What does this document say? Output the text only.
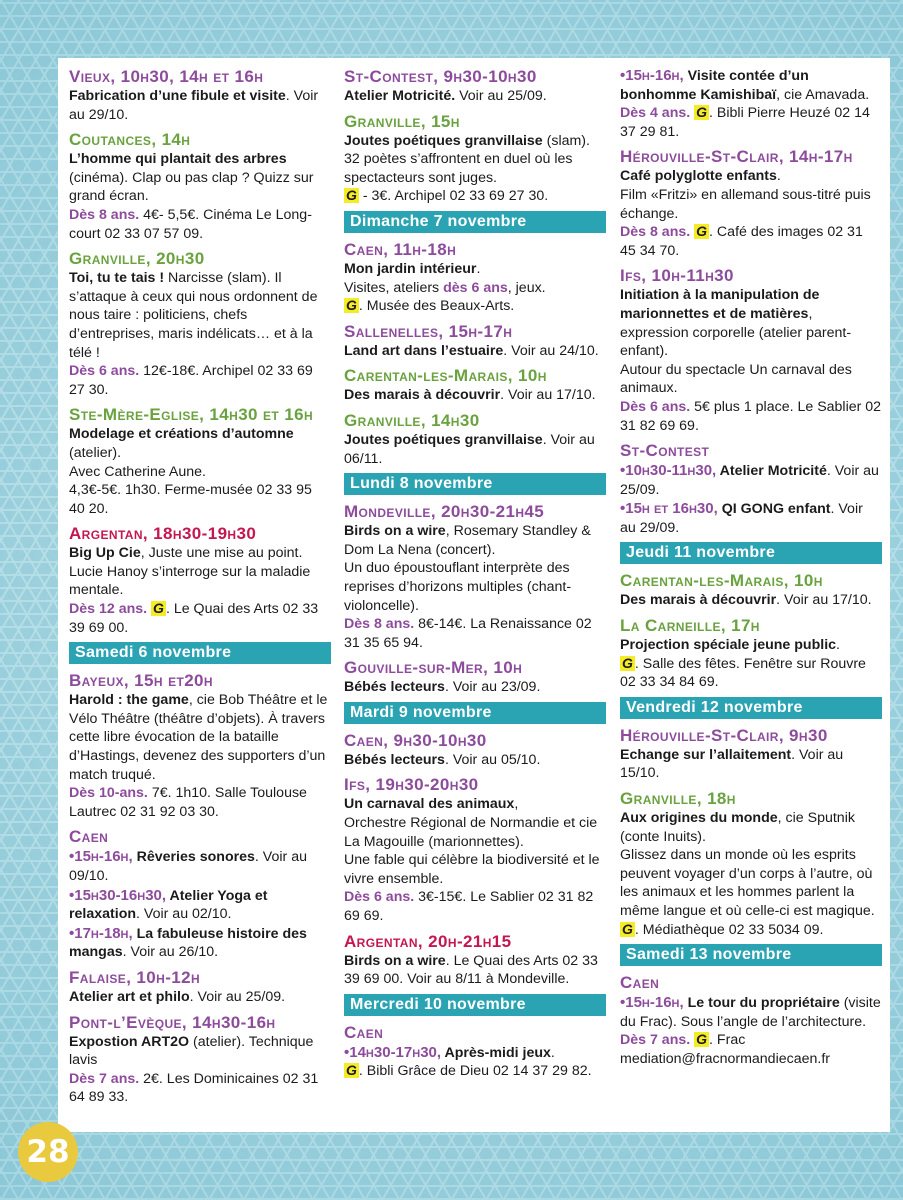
Vieux, 10h30, 14h et 16h
Fabrication d’une fibule et visite. Voir au 29/10.
Coutances, 14h
L’homme qui plantait des arbres (cinéma). Clap ou pas clap ? Quizz sur grand écran.
Dès 8 ans. 4€- 5,5€. Cinéma Le Long-court 02 33 07 57 09.
Granville, 20h30
Toi, tu te tais ! Narcisse (slam). Il s’attaque à ceux qui nous ordonnent de nous taire : politiciens, chefs d’entreprises, maris indélicats… et à la télé !
Dès 6 ans. 12€-18€. Archipel 02 33 69 27 30.
Ste-Mère-Eglise, 14h30 et 16h
Modelage et créations d’automne (atelier).
Avec Catherine Aune.
4,3€-5€. 1h30. Ferme-musée 02 33 95 40 20.
Argentan, 18h30-19h30
Big Up Cie, Juste une mise au point. Lucie Hanoy s’interroge sur la maladie mentale.
Dès 12 ans. G . Le Quai des Arts 02 33 39 69 00.
Samedi 6 novembre
Bayeux, 15h et20h
Harold : the game, cie Bob Théâtre et le Vélo Théâtre (théâtre d’objets). À travers cette libre évocation de la bataille d’Hastings, devenez des supporters d’un match truqué.
Dès 10-ans. 7€. 1h10. Salle Toulouse Lautrec 02 31 92 03 30.
Caen
•15h-16h, Rêveries sonores. Voir au 09/10.
•15h30-16h30, Atelier Yoga et relaxation. Voir au 02/10.
•17h-18h, La fabuleuse histoire des mangas. Voir au 26/10.
Falaise, 10h-12h
Atelier art et philo. Voir au 25/09.
Pont-l’Evèque, 14h30-16h
Expostion ART2O (atelier). Technique lavis
Dès 7 ans. 2€. Les Dominicaines 02 31 64 89 33.
St-Contest, 9h30-10h30
Atelier Motricité. Voir au 25/09.
Granville, 15h
Joutes poétiques granvillaise (slam). 32 poètes s’affrontent en duel où les spectacteurs sont juges.
G - 3€. Archipel 02 33 69 27 30.
Dimanche 7 novembre
Caen, 11h-18h
Mon jardin intérieur.
Visites, ateliers dès 6 ans, jeux.
G . Musée des Beaux-Arts.
Sallenelles, 15h-17h
Land art dans l’estuaire. Voir au 24/10.
Carentan-les-Marais, 10h
Des marais à découvrir. Voir au 17/10.
Granville, 14h30
Joutes poétiques granvillaise. Voir au 06/11.
Lundi 8 novembre
Mondeville, 20h30-21h45
Birds on a wire, Rosemary Standley & Dom La Nena (concert).
Un duo époustouflant interprète des reprises d’horizons multiples (chant-violoncelle).
Dès 8 ans. 8€-14€. La Renaissance 02 31 35 65 94.
Gouville-sur-Mer, 10h
Bébés lecteurs. Voir au 23/09.
Mardi 9 novembre
Caen, 9h30-10h30
Bébés lecteurs. Voir au 05/10.
Ifs, 19h30-20h30
Un carnaval des animaux,
Orchestre Régional de Normandie et cie La Magouille (marionnettes).
Une fable qui célèbre la biodiversité et le vivre ensemble.
Dès 6 ans. 3€-15€. Le Sablier 02 31 82 69 69.
Argentan, 20h-21h15
Birds on a wire. Le Quai des Arts 02 33 39 69 00. Voir au 8/11 à Mondeville.
Mercredi 10 novembre
Caen
•14h30-17h30, Après-midi jeux.
G . Bibli Grâce de Dieu 02 14 37 29 82.
•15h-16h, Visite contée d’un bonhomme Kamishibaï, cie Amavada. Dès 4 ans. G . Bibli Pierre Heuzé 02 14 37 29 81.
Hérouville-St-Clair, 14h-17h
Café polyglotte enfants.
Film «Fritzi» en allemand sous-titré puis échange.
Dès 8 ans. G . Café des images 02 31 45 34 70.
Ifs, 10h-11h30
Initiation à la manipulation de marionnettes et de matières,
expression corporelle (atelier parent-enfant).
Autour du spectacle Un carnaval des animaux.
Dès 6 ans. 5€ plus 1 place. Le Sablier 02 31 82 69 69.
St-Contest
•10h30-11h30, Atelier Motricité. Voir au 25/09.
•15h et 16h30, QI GONG enfant. Voir au 29/09.
Jeudi 11 novembre
Carentan-les-Marais, 10h
Des marais à découvrir. Voir au 17/10.
La Carneille, 17h
Projection spéciale jeune public.
G . Salle des fêtes. Fenêtre sur Rouvre 02 33 34 84 69.
Vendredi 12 novembre
Hérouville-St-Clair, 9h30
Echange sur l’allaitement. Voir au 15/10.
Granville, 18h
Aux origines du monde, cie Sputnik (conte Inuits).
Glissez dans un monde où les esprits peuvent voyager d’un corps à l’autre, où les animaux et les hommes parlent la même langue et où celle-ci est magique.
G . Médiathèque 02 33 5034 09.
Samedi 13 novembre
Caen
•15h-16h, Le tour du propriétaire (visite du Frac). Sous l’angle de l’architecture. Dès 7 ans. G . Frac mediation@fracnormandiecaen.fr
28
